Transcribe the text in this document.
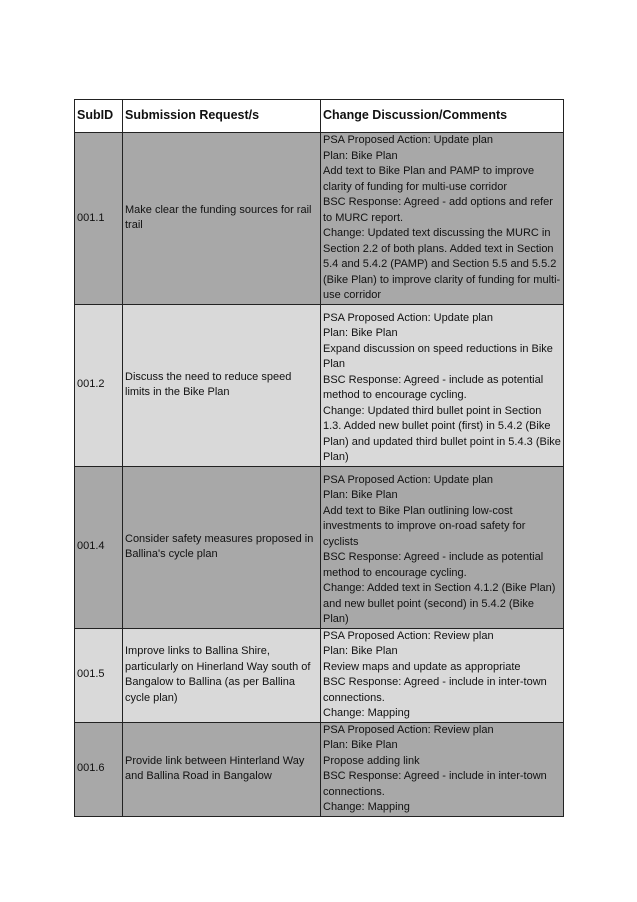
SubID	Submission Request/s	Change Discussion/Comments
001.1	Make clear the funding sources for rail trail	PSA Proposed Action: Update plan
Plan: Bike Plan
Add text to Bike Plan and PAMP to improve clarity of funding for multi-use corridor
BSC Response: Agreed - add options and refer to MURC report.
Change: Updated text discussing the MURC in Section 2.2 of both plans. Added text in Section 5.4 and 5.4.2 (PAMP) and Section 5.5 and 5.5.2 (Bike Plan) to improve clarity of funding for multi-use corridor

001.2	Discuss the need to reduce speed limits in the Bike Plan	PSA Proposed Action: Update plan
Plan: Bike Plan
Expand discussion on speed reductions in Bike Plan
BSC Response: Agreed - include as potential method to encourage cycling.
Change: Updated third bullet point in Section 1.3. Added new bullet point (first) in 5.4.2 (Bike Plan) and updated third bullet point in 5.4.3 (Bike Plan)

001.4	Consider safety measures proposed in Ballina's cycle plan	PSA Proposed Action: Update plan
Plan: Bike Plan
Add text to Bike Plan outlining low-cost investments to improve on-road safety for cyclists
BSC Response: Agreed - include as potential method to encourage cycling.
Change: Added text in Section 4.1.2 (Bike Plan) and new bullet point (second) in 5.4.2 (Bike Plan)

001.5	Improve links to Ballina Shire, particularly on Hinerland Way south of Bangalow to Ballina (as per Ballina cycle plan)	PSA Proposed Action: Review plan
Plan: Bike Plan
Review maps and update as appropriate
BSC Response: Agreed - include in inter-town connections.
Change: Mapping

001.6	Provide link between Hinterland Way and Ballina Road in Bangalow	PSA Proposed Action: Review plan
Plan: Bike Plan
Propose adding link
BSC Response: Agreed - include in inter-town connections.
Change: Mapping
